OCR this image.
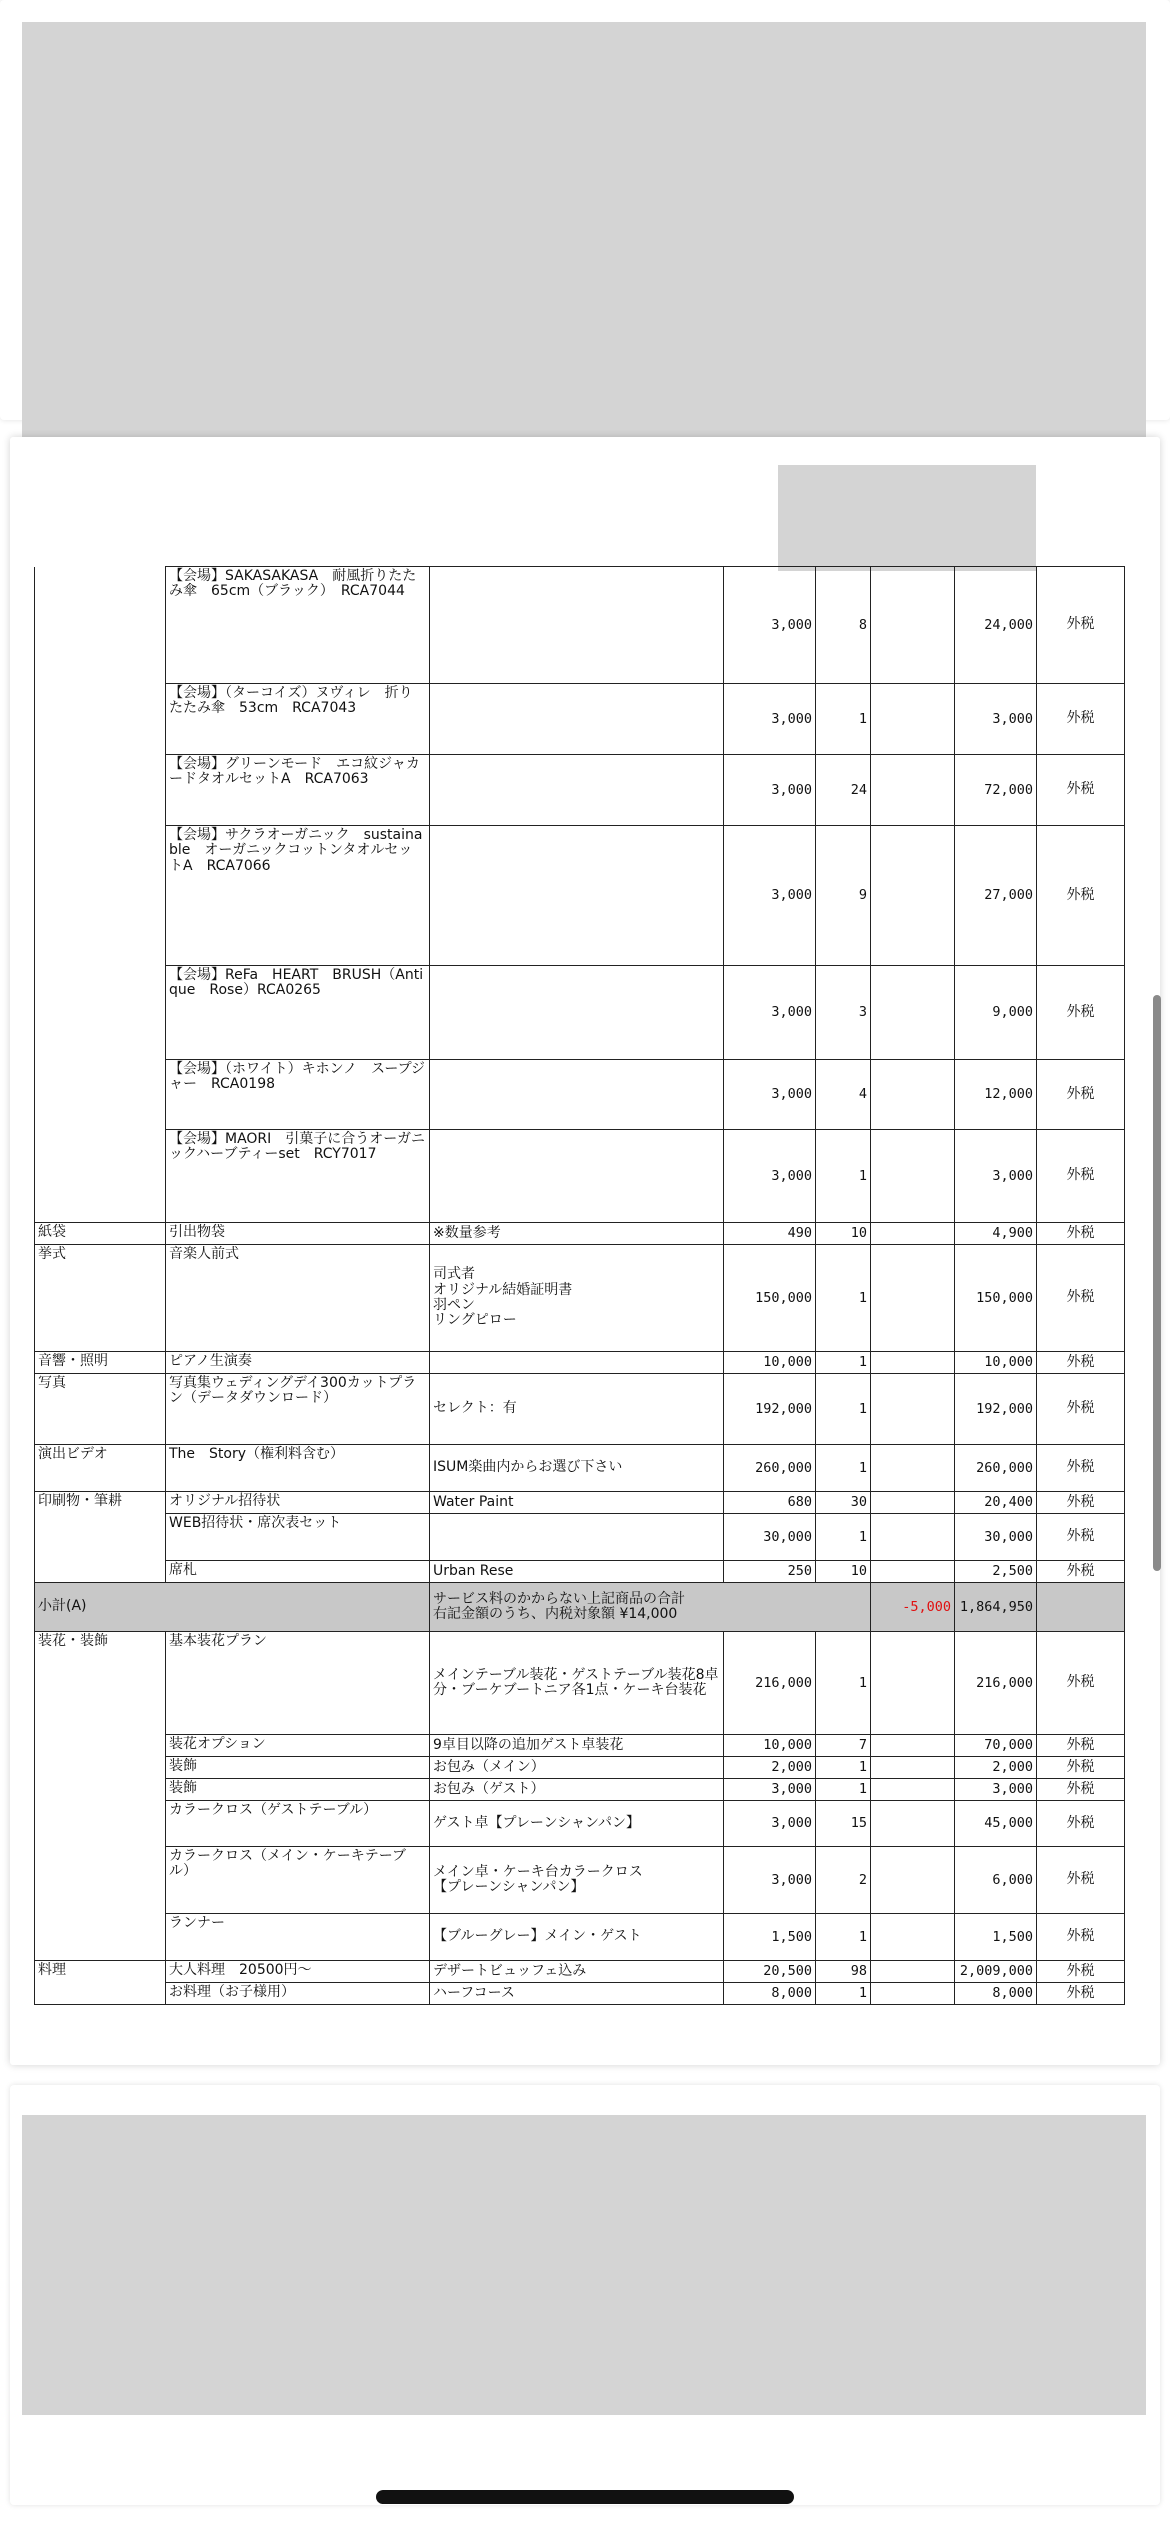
	【会場】SAKASAKASA　耐風折りたたみ傘　65cm（ブラック）　RCA7044		3,000	8		24,000	外税
	【会場】（ターコイズ）ヌヴィレ　折りたたみ傘　53cm　RCA7043		3,000	1		3,000	外税
	【会場】グリーンモード　エコ紋ジャカードタオルセットA　RCA7063		3,000	24		72,000	外税
	【会場】サクラオーガニック　sustainable　オーガニックコットンタオルセットA　RCA7066		3,000	9		27,000	外税
	【会場】ReFa　HEART　BRUSH（Antique　Rose）RCA0265		3,000	3		9,000	外税
	【会場】（ホワイト）キホンノ　スープジャー　RCA0198		3,000	4		12,000	外税
	【会場】MAORI　引菓子に合うオーガニックハーブティーset　RCY7017		3,000	1		3,000	外税
紙袋	引出物袋	※数量参考	490	10		4,900	外税
挙式	音楽人前式	司式者
オリジナル結婚証明書
羽ペン
リングピロー	150,000	1		150,000	外税
音響・照明	ピアノ生演奏		10,000	1		10,000	外税
写真	写真集ウェディングデイ300カットプラン（データダウンロード）	セレクト：有	192,000	1		192,000	外税
演出ビデオ	The　Story（権利料含む）	ISUM楽曲内からお選び下さい	260,000	1		260,000	外税
印刷物・筆耕	オリジナル招待状	Water Paint	680	30		20,400	外税
	WEB招待状・席次表セット		30,000	1		30,000	外税
	席札	Urban Rese	250	10		2,500	外税
小計(A)		サービス料のかからない上記商品の合計
右記金額のうち、内税対象額 ¥14,000			-5,000	1,864,950	
装花・装飾	基本装花プラン	メインテーブル装花・ゲストテーブル装花8卓分・ブーケブートニア各1点・ケーキ台装花	216,000	1		216,000	外税
	装花オプション	9卓目以降の追加ゲスト卓装花	10,000	7		70,000	外税
	装飾	お包み（メイン）	2,000	1		2,000	外税
	装飾	お包み（ゲスト）	3,000	1		3,000	外税
	カラークロス（ゲストテーブル）	ゲスト卓【プレーンシャンパン】	3,000	15		45,000	外税
	カラークロス（メイン・ケーキテーブル）	メイン卓・ケーキ台カラークロス
【プレーンシャンパン】	3,000	2		6,000	外税
	ランナー	【ブルーグレー】メイン・ゲスト	1,500	1		1,500	外税
料理	大人料理　20500円～	デザートビュッフェ込み	20,500	98		2,009,000	外税
	お料理（お子様用）	ハーフコース	8,000	1		8,000	外税
